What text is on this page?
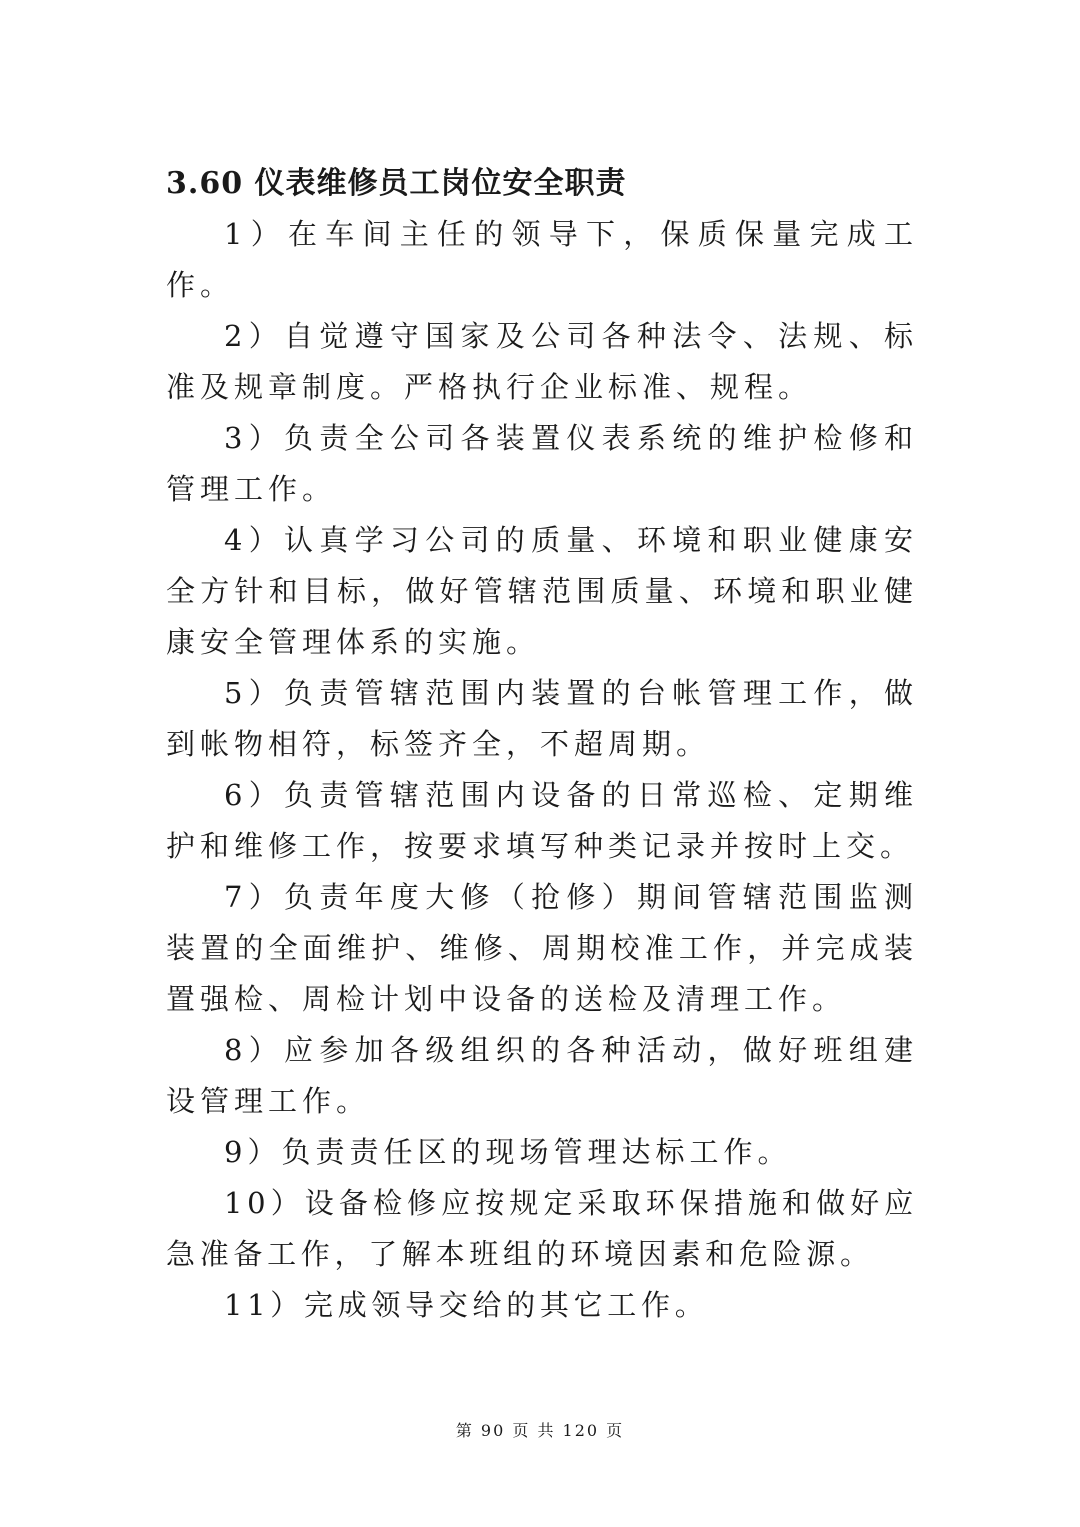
3.60 仪表维修员工岗位安全职责

1）在车间主任的领导下，保质保量完成工作。

2）自觉遵守国家及公司各种法令、法规、标准及规章制度。严格执行企业标准、规程。

3）负责全公司各装置仪表系统的维护检修和管理工作。

4）认真学习公司的质量、环境和职业健康安全方针和目标，做好管辖范围质量、环境和职业健康安全管理体系的实施。

5）负责管辖范围内装置的台帐管理工作，做到帐物相符，标签齐全，不超周期。

6）负责管辖范围内设备的日常巡检、定期维护和维修工作，按要求填写种类记录并按时上交。

7）负责年度大修（抢修）期间管辖范围监测装置的全面维护、维修、周期校准工作，并完成装置强检、周检计划中设备的送检及清理工作。

8）应参加各级组织的各种活动，做好班组建设管理工作。

9）负责责任区的现场管理达标工作。

10）设备检修应按规定采取环保措施和做好应急准备工作，了解本班组的环境因素和危险源。

11）完成领导交给的其它工作。

第 90 页 共 120 页
